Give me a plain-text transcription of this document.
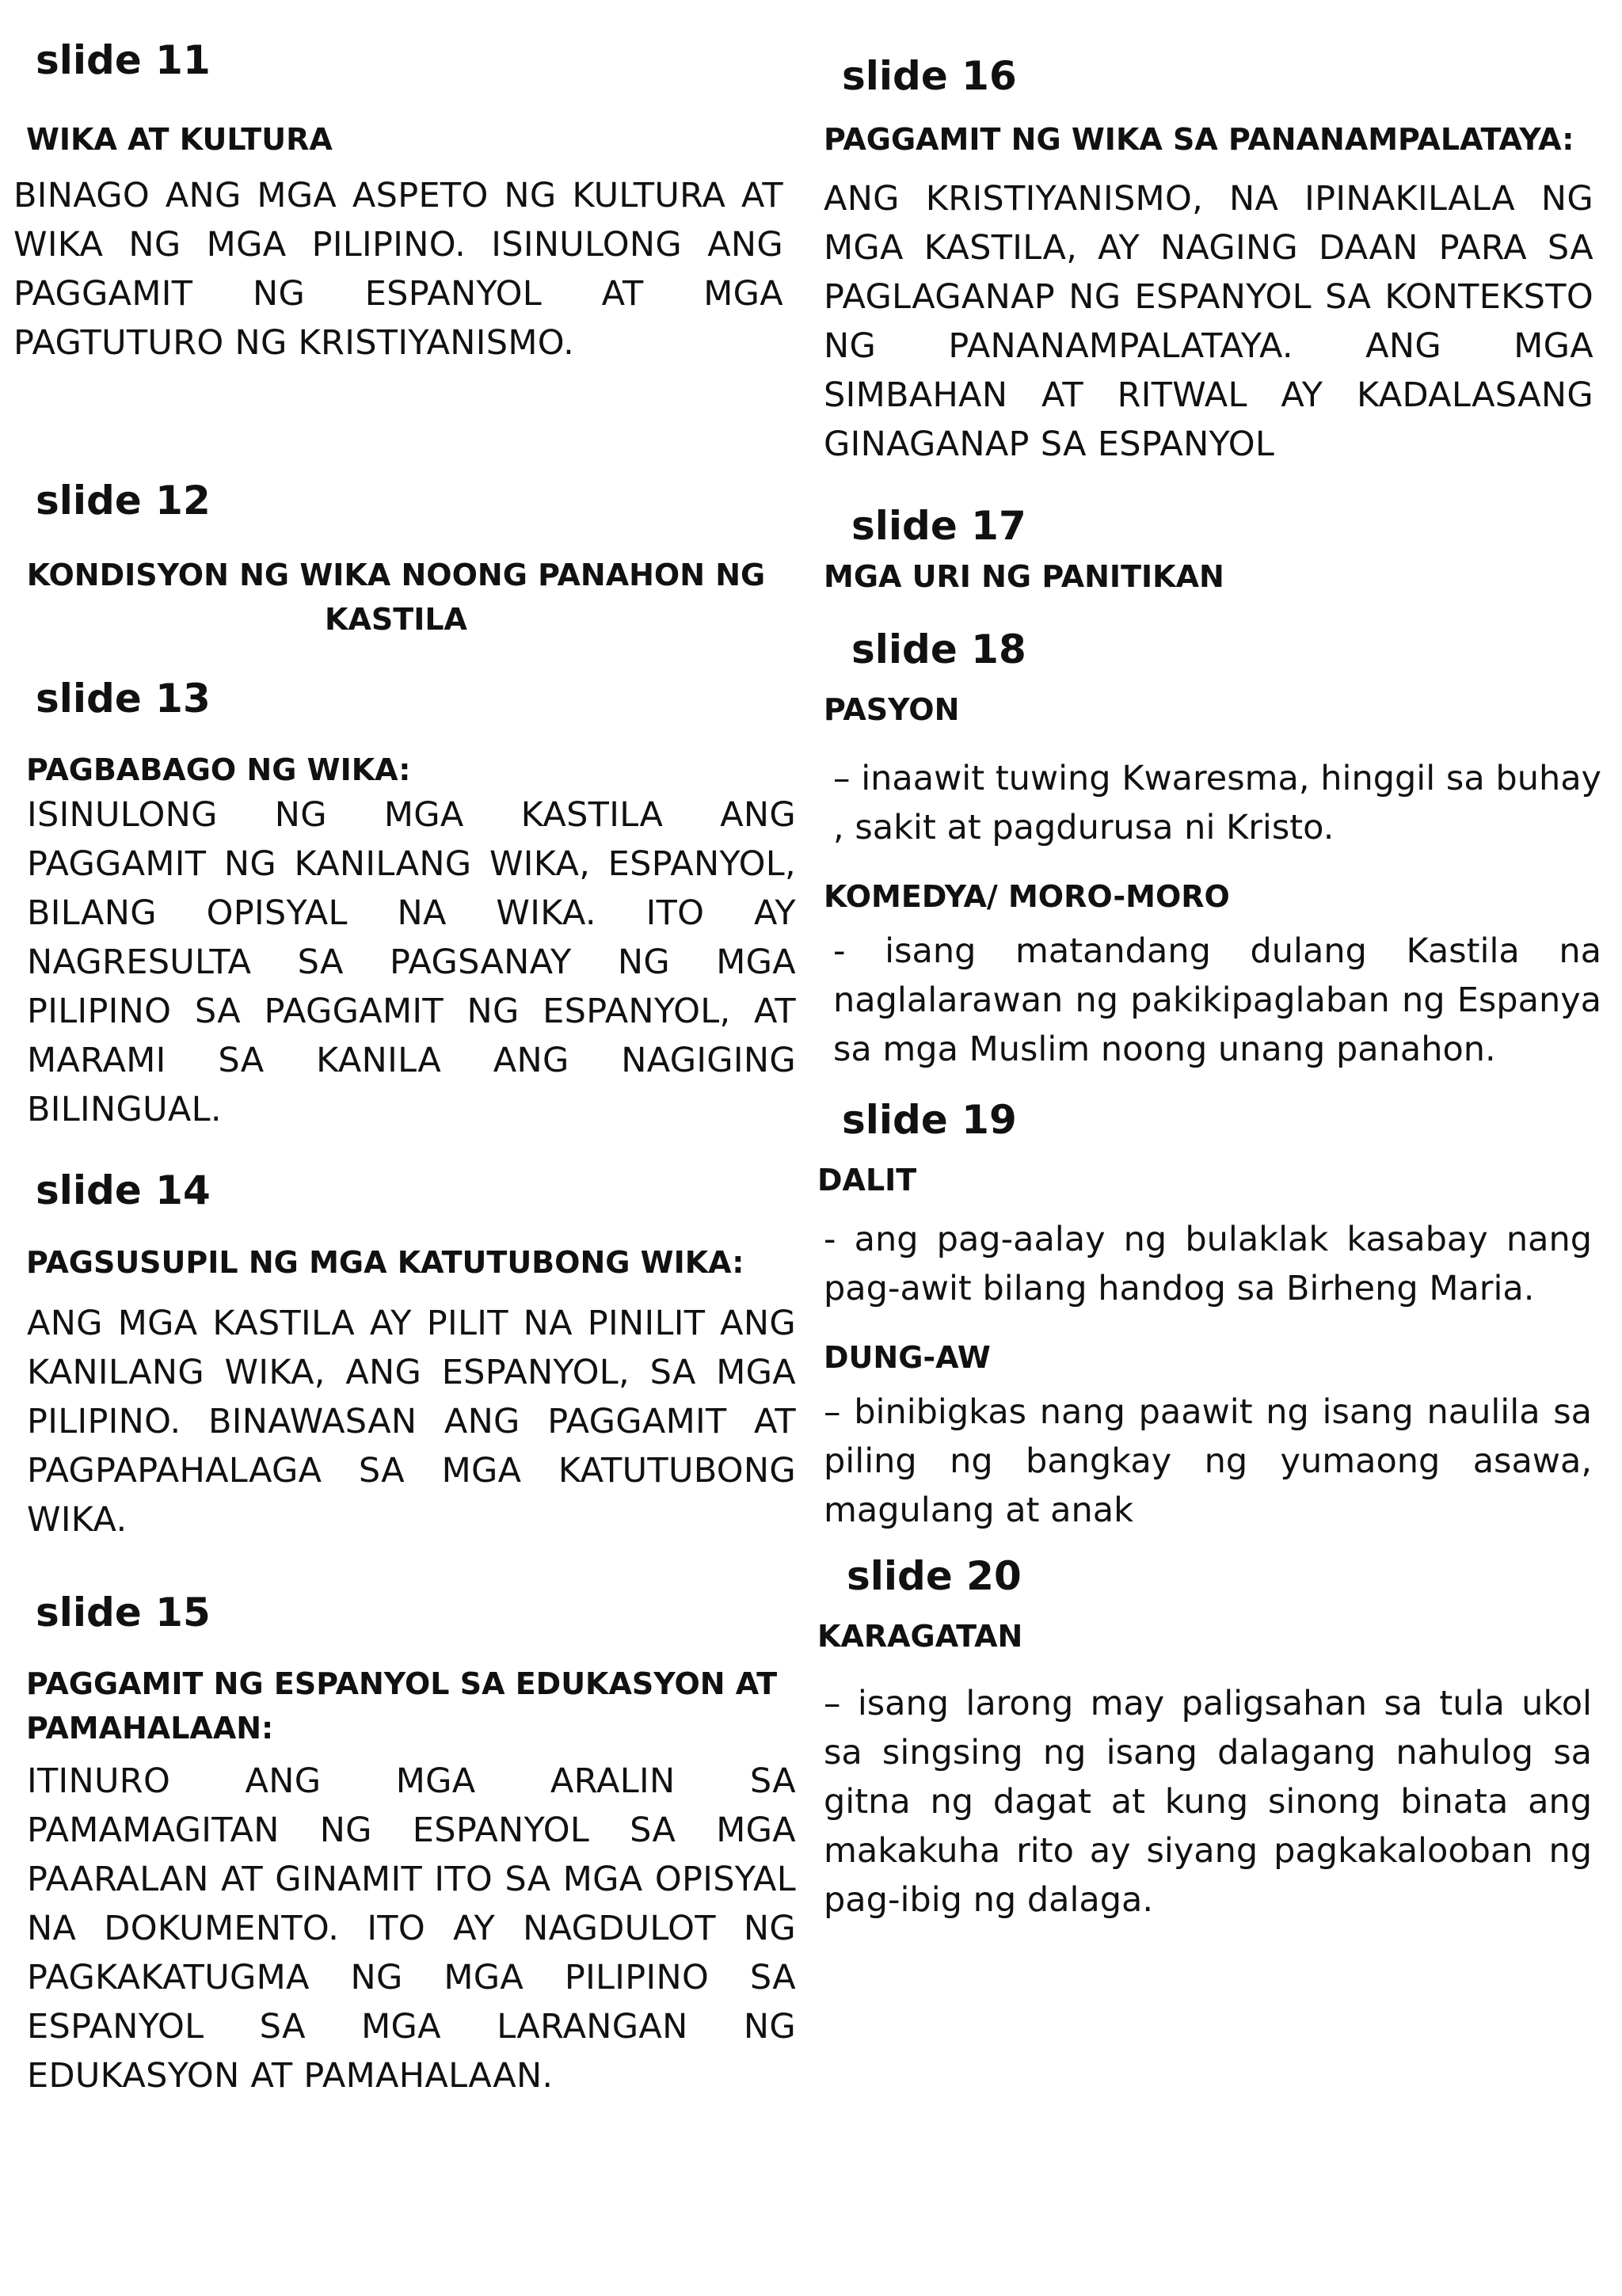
slide 11
WIKA AT KULTURA
BINAGO ANG MGA ASPETO NG KULTURA AT WIKA NG MGA PILIPINO. ISINULONG ANG PAGGAMIT NG ESPANYOL AT MGA PAGTUTURO NG KRISTIYANISMO.
slide 12
KONDISYON NG WIKA NOONG PANAHON NG KASTILA
slide 13
PAGBABAGO NG WIKA:
ISINULONG NG MGA KASTILA ANG PAGGAMIT NG KANILANG WIKA, ESPANYOL, BILANG OPISYAL NA WIKA. ITO AY NAGRESULTA SA PAGSANAY NG MGA PILIPINO SA PAGGAMIT NG ESPANYOL, AT MARAMI SA KANILA ANG NAGIGING BILINGUAL.
slide 14
PAGSUSUPIL NG MGA KATUTUBONG WIKA:
ANG MGA KASTILA AY PILIT NA PINILIT ANG KANILANG WIKA, ANG ESPANYOL, SA MGA PILIPINO. BINAWASAN ANG PAGGAMIT AT PAGPAPAHALAGA SA MGA KATUTUBONG WIKA.
slide 15
PAGGAMIT NG ESPANYOL SA EDUKASYON AT PAMAHALAAN:
ITINURO ANG MGA ARALIN SA PAMAMAGITAN NG ESPANYOL SA MGA PAARALAN AT GINAMIT ITO SA MGA OPISYAL NA DOKUMENTO. ITO AY NAGDULOT NG PAGKAKATUGMA NG MGA PILIPINO SA ESPANYOL SA MGA LARANGAN NG EDUKASYON AT PAMAHALAAN.
slide 16
PAGGAMIT NG WIKA SA PANANAMPALATAYA:
ANG KRISTIYANISMO, NA IPINAKILALA NG MGA KASTILA, AY NAGING DAAN PARA SA PAGLAGANAP NG ESPANYOL SA KONTEKSTO NG PANANAMPALATAYA. ANG MGA SIMBAHAN AT RITWAL AY KADALASANG GINAGANAP SA ESPANYOL
slide 17
MGA URI NG PANITIKAN
slide 18
PASYON
– inaawit tuwing Kwaresma, hinggil sa buhay , sakit at pagdurusa ni Kristo.
KOMEDYA/ MORO-MORO
- isang matandang dulang Kastila na naglalarawan ng pakikipaglaban ng Espanya sa mga Muslim noong unang panahon.
slide 19
DALIT
- ang pag-aalay ng bulaklak kasabay nang pag-awit bilang handog sa Birheng Maria.
DUNG-AW
– binibigkas nang paawit ng isang naulila sa piling ng bangkay ng yumaong asawa, magulang at anak
slide 20
KARAGATAN
– isang larong may paligsahan sa tula ukol sa singsing ng isang dalagang nahulog sa gitna ng dagat at kung sinong binata ang makakuha rito ay siyang pagkakalooban ng pag-ibig ng dalaga.
